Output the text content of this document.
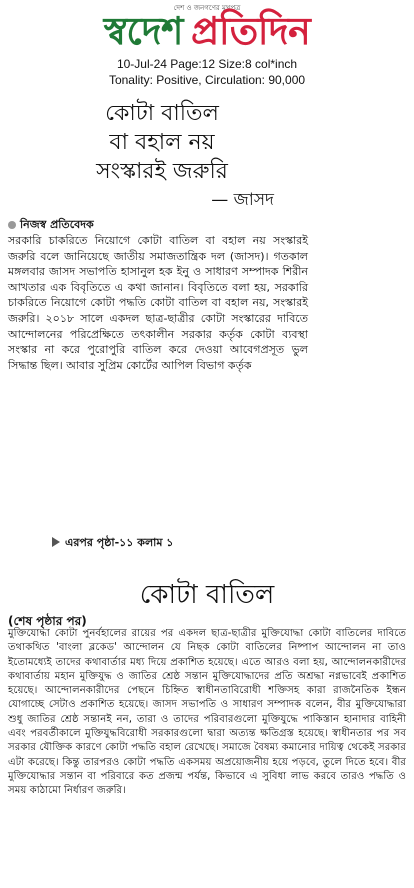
দেশ ও জনগণের মুখপত্র
স্বদেশ প্রতিদিন
10-Jul-24 Page:12 Size:8 col*inch
Tonality: Positive, Circulation: 90,000
কোটা বাতিল
বা বহাল নয়
সংস্কারই জরুরি
— জাসদ
নিজস্ব প্রতিবেদক
সরকারি চাকরিতে নিয়োগে কোটা বাতিল বা বহাল নয় সংস্কারই জরুরি বলে জানিয়েছে জাতীয় সমাজতান্ত্রিক দল (জাসদ)। গতকাল মঙ্গলবার জাসদ সভাপতি হাসানুল হক ইনু ও সাধারণ সম্পাদক শিরীন আখতার এক বিবৃতিতে এ কথা জানান। বিবৃতিতে বলা হয়, সরকারি চাকরিতে নিয়োগে কোটা পদ্ধতি কোটা বাতিল বা বহাল নয়, সংস্কারই জরুরি। ২০১৮ সালে একদল ছাত্র-ছাত্রীর কোটা সংস্কারের দাবিতে আন্দোলনের পরিপ্রেক্ষিতে তৎকালীন সরকার কর্তৃক কোটা ব্যবস্থা সংস্কার না করে পুরোপুরি বাতিল করে দেওয়া আবেগপ্রসূত ভুল সিদ্ধান্ত ছিল। আবার সুপ্রিম কোর্টের আপিল বিভাগ কর্তৃক
এরপর পৃষ্ঠা-১১ কলাম ১
কোটা বাতিল
(শেষ পৃষ্ঠার পর)
মুক্তিযোদ্ধা কোটা পুনর্বহালের রায়ের পর একদল ছাত্র-ছাত্রীর মুক্তিযোদ্ধা কোটা বাতিলের দাবিতে তথাকথিত 'বাংলা ব্লকেড' আন্দোলন যে নিছক কোটা বাতিলের নিষ্পাপ আন্দোলন না তাও ইতোমধ্যেই তাদের কথাবার্তার মধ্য দিয়ে প্রকাশিত হয়েছে। এতে আরও বলা হয়, আন্দোলনকারীদের কথাবার্তায় মহান মুক্তিযুদ্ধ ও জাতির শ্রেষ্ঠ সন্তান মুক্তিযোদ্ধাদের প্রতি অশ্রদ্ধা নগ্নভাবেই প্রকাশিত হয়েছে। আন্দোলনকারীদের পেছনে চিহ্নিত স্বাধীনতাবিরোধী শক্তিসহ কারা রাজনৈতিক ইন্ধন যোগাচ্ছে সেটাও প্রকাশিত হয়েছে। জাসদ সভাপতি ও সাধারণ সম্পাদক বলেন, বীর মুক্তিযোদ্ধারা শুধু জাতির শ্রেষ্ঠ সন্তানই নন, তারা ও তাদের পরিবারগুলো মুক্তিযুদ্ধে পাকিস্তান হানাদার বাহিনী এবং পরবর্তীকালে মুক্তিযুদ্ধবিরোধী সরকারগুলো দ্বারা অত্যন্ত ক্ষতিগ্রস্ত হয়েছে। স্বাধীনতার পর সব সরকার যৌক্তিক কারণে কোটা পদ্ধতি বহাল রেখেছে। সমাজে বৈষম্য কমানোর দায়িত্ব থেকেই সরকার এটা করেছে। কিন্তু তারপরও কোটা পদ্ধতি একসময় অপ্রয়োজনীয় হয়ে পড়বে, তুলে দিতে হবে। বীর মুক্তিযোদ্ধার সন্তান বা পরিবারে কত প্রজন্ম পর্যন্ত, কিভাবে এ সুবিধা লাভ করবে তারও পদ্ধতি ও সময় কাঠামো নির্ধারণ জরুরি।
